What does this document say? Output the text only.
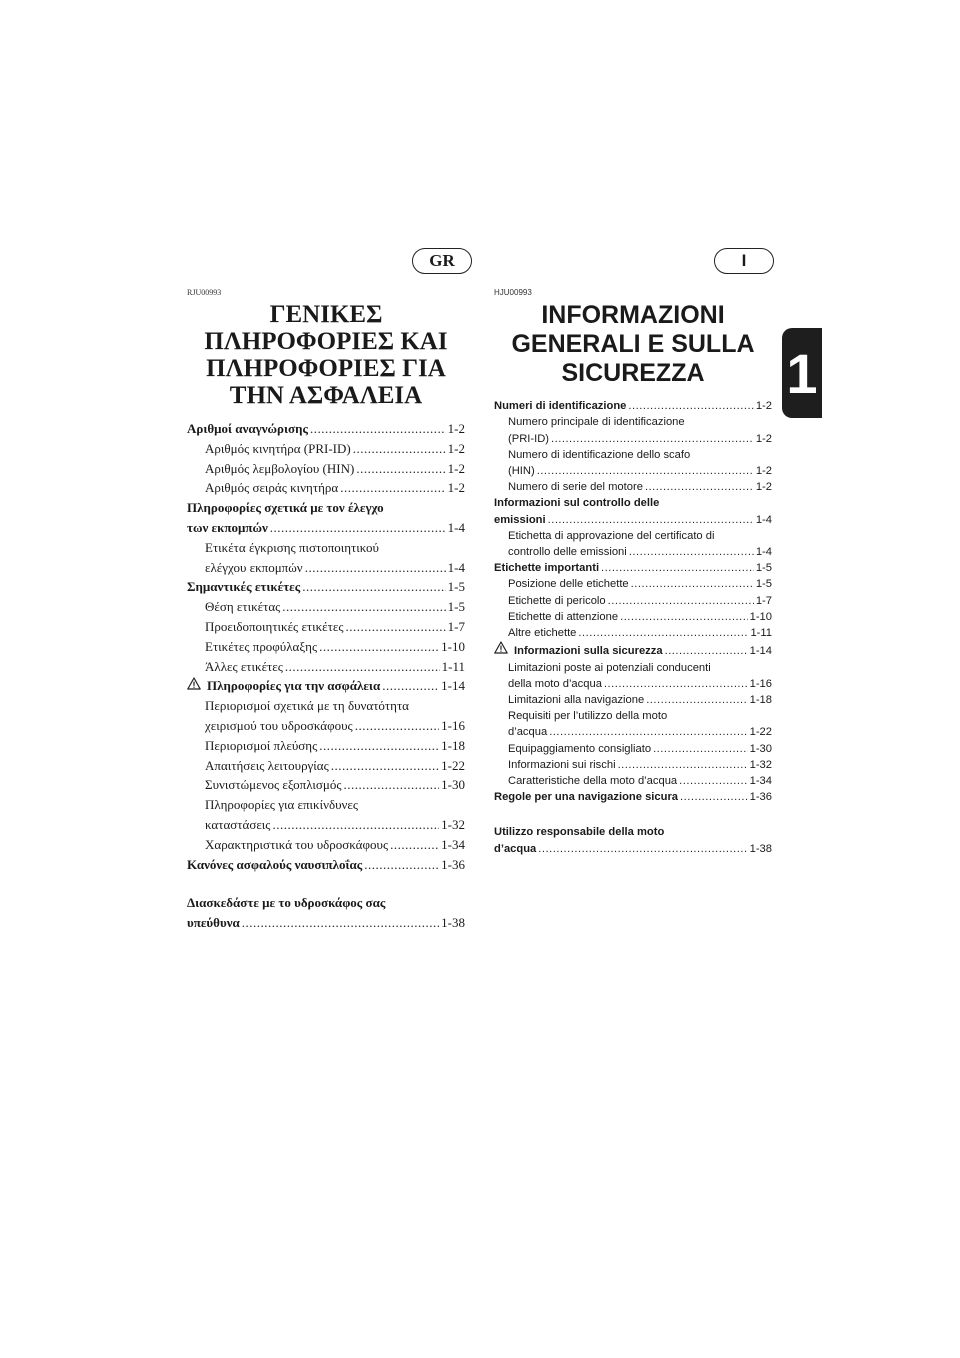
GR	I
1
RJU00993
ΓΕΝΙΚΕΣ
ΠΛΗΡΟΦΟΡΙΕΣ ΚΑΙ
ΠΛΗΡΟΦΟΡΙΕΣ ΓΙΑ
ΤΗΝ ΑΣΦΑΛΕΙΑ
Αριθμοί αναγνώρισης .....	1-2
Αριθμός κινητήρα (PRI-ID) .....	1-2
Αριθμός λεμβολογίου (HIN) .....	1-2
Αριθμός σειράς κινητήρα .....	1-2
Πληροφορίες σχετικά με τον έλεγχο
των εκπομπών .....	1-4
Ετικέτα έγκρισης πιστοποιητικού
ελέγχου εκπομπών .....	1-4
Σημαντικές ετικέτες .....	1-5
Θέση ετικέτας .....	1-5
Προειδοποιητικές ετικέτες .....	1-7
Ετικέτες προφύλαξης .....	1-10
Άλλες ετικέτες .....	1-11
Πληροφορίες για την ασφάλεια .....	1-14
Περιορισμοί σχετικά με τη δυνατότητα
χειρισμού του υδροσκάφους .....	1-16
Περιορισμοί πλεύσης .....	1-18
Απαιτήσεις λειτουργίας .....	1-22
Συνιστώμενος εξοπλισμός .....	1-30
Πληροφορίες για επικίνδυνες
καταστάσεις .....	1-32
Χαρακτηριστικά του υδροσκάφους .....	1-34
Κανόνες ασφαλούς ναυσιπλοΐας .....	1-36
Διασκεδάστε με το υδροσκάφος σας
υπεύθυνα .....	1-38
HJU00993
INFORMAZIONI
GENERALI E SULLA
SICUREZZA
Numeri di identificazione .....	1-2
Numero principale di identificazione
(PRI-ID) .....	1-2
Numero di identificazione dello scafo
(HIN) .....	1-2
Numero di serie del motore .....	1-2
Informazioni sul controllo delle
emissioni .....	1-4
Etichetta di approvazione del certificato di
controllo delle emissioni .....	1-4
Etichette importanti .....	1-5
Posizione delle etichette .....	1-5
Etichette di pericolo .....	1-7
Etichette di attenzione .....	1-10
Altre etichette .....	1-11
Informazioni sulla sicurezza .....	1-14
Limitazioni poste ai potenziali conducenti
della moto d’acqua .....	1-16
Limitazioni alla navigazione .....	1-18
Requisiti per l’utilizzo della moto
d’acqua .....	1-22
Equipaggiamento consigliato .....	1-30
Informazioni sui rischi .....	1-32
Caratteristiche della moto d’acqua .....	1-34
Regole per una navigazione sicura .....	1-36
Utilizzo responsabile della moto
d’acqua .....	1-38
